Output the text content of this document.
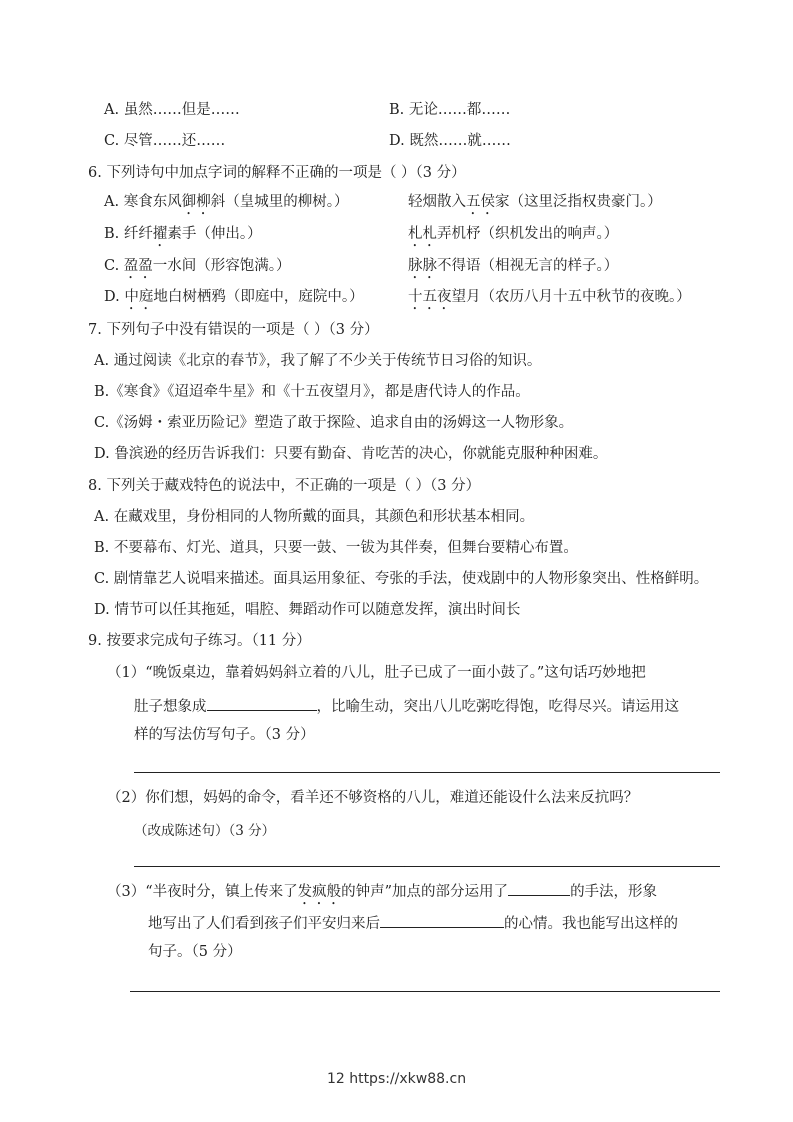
A. 虽然……但是……	B. 无论……都……
C. 尽管……还……	D. 既然……就……
6. 下列诗句中加点字词的解释不正确的一项是（ ）（3 分）
A. 寒食东风御柳斜（皇城里的柳树。）	轻烟散入五侯家（这里泛指权贵豪门。）
B. 纤纤擢素手（伸出。）	札札弄机杼（织机发出的响声。）
C. 盈盈一水间（形容饱满。）	脉脉不得语（相视无言的样子。）
D. 中庭地白树栖鸦（即庭中，庭院中。）	十五夜望月（农历八月十五中秋节的夜晚。）
7. 下列句子中没有错误的一项是（ ）（3 分）
A. 通过阅读《北京的春节》，我了解了不少关于传统节日习俗的知识。
B.《寒食》《迢迢牵牛星》和《十五夜望月》，都是唐代诗人的作品。
C.《汤姆・索亚历险记》塑造了敢于探险、追求自由的汤姆这一人物形象。
D. 鲁滨逊的经历告诉我们：只要有勤奋、肯吃苦的决心，你就能克服种种困难。
8. 下列关于藏戏特色的说法中，不正确的一项是（ ）（3 分）
A. 在藏戏里，身份相同的人物所戴的面具，其颜色和形状基本相同。
B. 不要幕布、灯光、道具，只要一鼓、一钹为其伴奏，但舞台要精心布置。
C. 剧情靠艺人说唱来描述。面具运用象征、夸张的手法，使戏剧中的人物形象突出、性格鲜明。
D. 情节可以任其拖延，唱腔、舞蹈动作可以随意发挥，演出时间长
9. 按要求完成句子练习。（11 分）
（1）“晚饭桌边，靠着妈妈斜立着的八儿，肚子已成了一面小鼓了。”这句话巧妙地把
肚子想象成	，比喻生动，突出八儿吃粥吃得饱，吃得尽兴。请运用这
样的写法仿写句子。（3 分）
（2）你们想，妈妈的命令，看羊还不够资格的八儿，难道还能设什么法来反抗吗？
（改成陈述句）（3 分）
（3）“半夜时分，镇上传来了发疯般的钟声”加点的部分运用了	的手法，形象
地写出了人们看到孩子们平安归来后	的心情。我也能写出这样的
句子。（5 分）
12 https://xkw88.cn
